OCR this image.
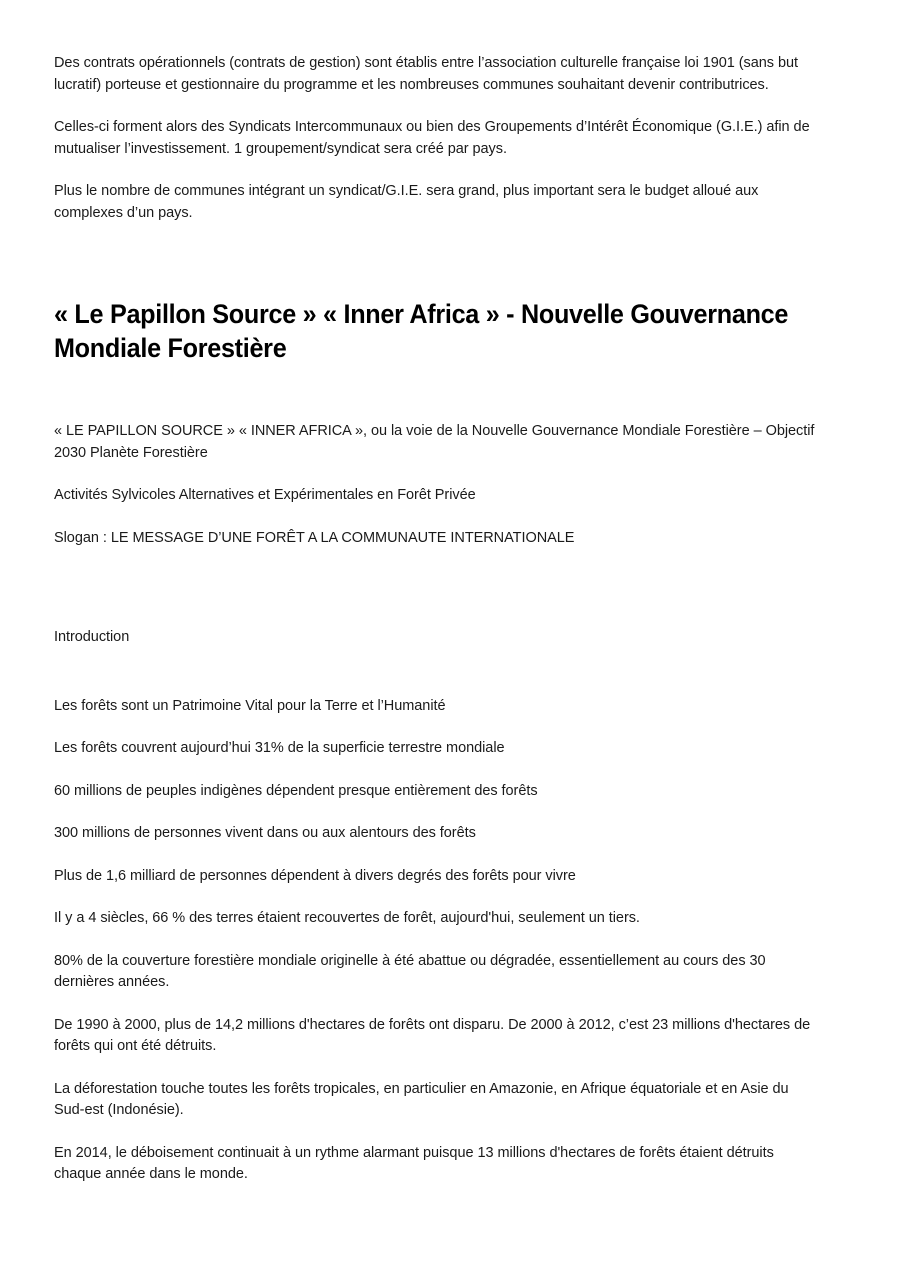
Des contrats opérationnels (contrats de gestion) sont établis entre l’association culturelle française loi 1901 (sans but lucratif) porteuse et gestionnaire du programme et les nombreuses communes souhaitant devenir contributrices.

Celles-ci forment alors des Syndicats Intercommunaux ou bien des Groupements d’Intérêt Économique (G.I.E.) afin de mutualiser l’investissement. 1 groupement/syndicat sera créé par pays.

Plus le nombre de communes intégrant un syndicat/G.I.E. sera grand, plus important sera le budget alloué aux complexes d’un pays.

« Le Papillon Source » « Inner Africa » - Nouvelle Gouvernance Mondiale Forestière

« LE PAPILLON SOURCE » « INNER AFRICA », ou la voie de la Nouvelle Gouvernance Mondiale Forestière – Objectif 2030 Planète Forestière

Activités Sylvicoles Alternatives et Expérimentales en Forêt Privée

Slogan : LE MESSAGE D’UNE FORÊT A LA COMMUNAUTE INTERNATIONALE

Introduction

Les forêts sont un Patrimoine Vital pour la Terre et l’Humanité

Les forêts couvrent aujourd’hui 31% de la superficie terrestre mondiale

60 millions de peuples indigènes dépendent presque entièrement des forêts

300 millions de personnes vivent dans ou aux alentours des forêts

Plus de 1,6 milliard de personnes dépendent à divers degrés des forêts pour vivre

Il y a 4 siècles, 66 % des terres étaient recouvertes de forêt, aujourd'hui, seulement un tiers.

80% de la couverture forestière mondiale originelle à été abattue ou dégradée, essentiellement au cours des 30 dernières années.

De 1990 à 2000, plus de 14,2 millions d'hectares de forêts ont disparu. De 2000 à 2012, c’est 23 millions d'hectares de forêts qui ont été détruits.

La déforestation touche toutes les forêts tropicales, en particulier en Amazonie, en Afrique équatoriale et en Asie du Sud-est (Indonésie).

En 2014, le déboisement continuait à un rythme alarmant puisque 13 millions d'hectares de forêts étaient détruits chaque année dans le monde.
